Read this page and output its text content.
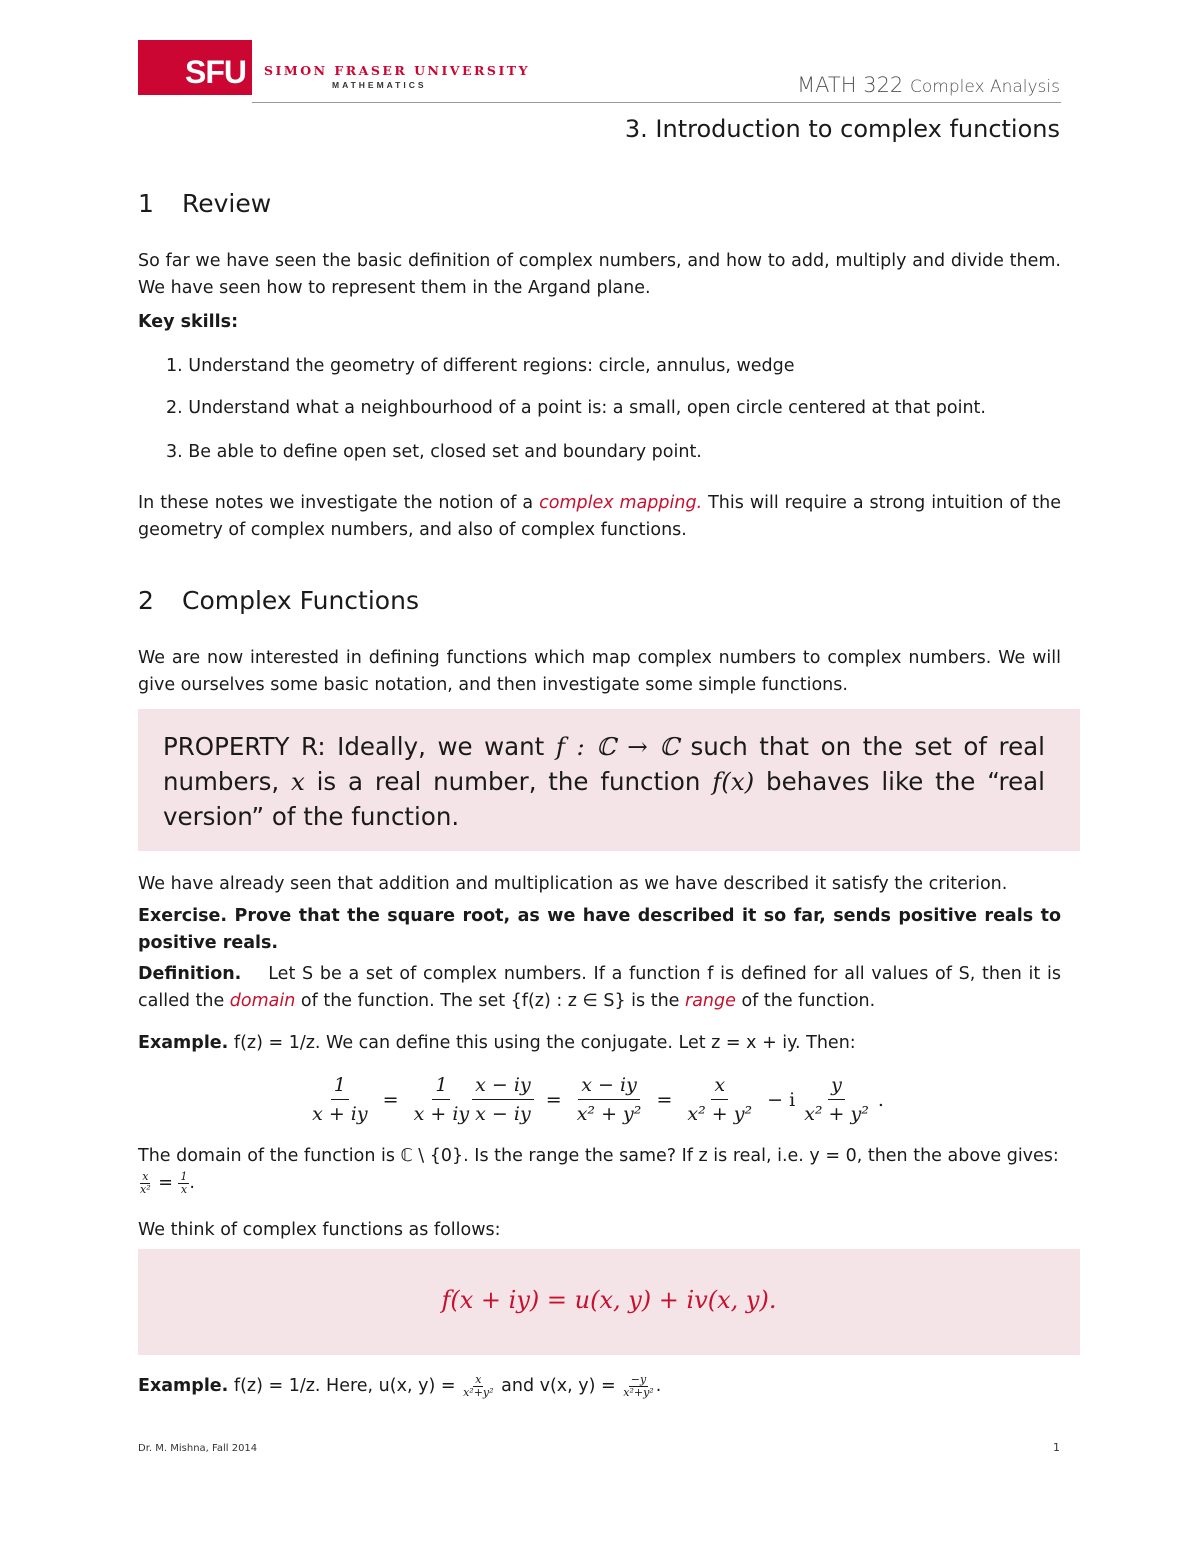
SFU SIMON FRASER UNIVERSITY
MATHEMATICS	MATH 322 Complex Analysis
3. Introduction to complex functions
1 Review
So far we have seen the basic definition of complex numbers, and how to add, multiply and divide them. We have seen how to represent them in the Argand plane.
Key skills:
1. Understand the geometry of different regions: circle, annulus, wedge
2. Understand what a neighbourhood of a point is: a small, open circle centered at that point.
3. Be able to define open set, closed set and boundary point.
In these notes we investigate the notion of a complex mapping. This will require a strong intuition of the geometry of complex numbers, and also of complex functions.
2 Complex Functions
We are now interested in defining functions which map complex numbers to complex numbers. We will give ourselves some basic notation, and then investigate some simple functions.
PROPERTY R: Ideally, we want f : ℂ → ℂ such that on the set of real numbers, x is a real number, the function f(x) behaves like the “real version” of the function.
We have already seen that addition and multiplication as we have described it satisfy the criterion.
Exercise. Prove that the square root, as we have described it so far, sends positive reals to positive reals.
Definition. Let S be a set of complex numbers. If a function f is defined for all values of S, then it is called the domain of the function. The set {f(z) : z ∈ S} is the range of the function.
Example. f(z) = 1/z. We can define this using the conjugate. Let z = x + iy. Then:
$\frac{1}{x + iy} = \frac{1}{x + iy} \frac{x - iy}{x - iy} = \frac{x - iy}{\text{x² + y²}} = \frac{x}{\text{x² + y²}} - i \frac{y}{\text{x² + y²}}$ .
The domain of the function is ℂ \ {0}. Is the range the same? If z is real, i.e. y = 0, then the above gives:

$\frac{x}{\text{x²}} = \frac{1}{x}$ .
We think of complex functions as follows:
f(x + iy) = u(x, y) + iv(x, y).
Example. f(z) = 1/z. Here, u(x, $y) = \frac{x}{\text{x²+y²}}$ and v(x, $y) = \frac{-y}{\text{x²+y²}}$ .
Dr. M. Mishna, Fall 2014	1
